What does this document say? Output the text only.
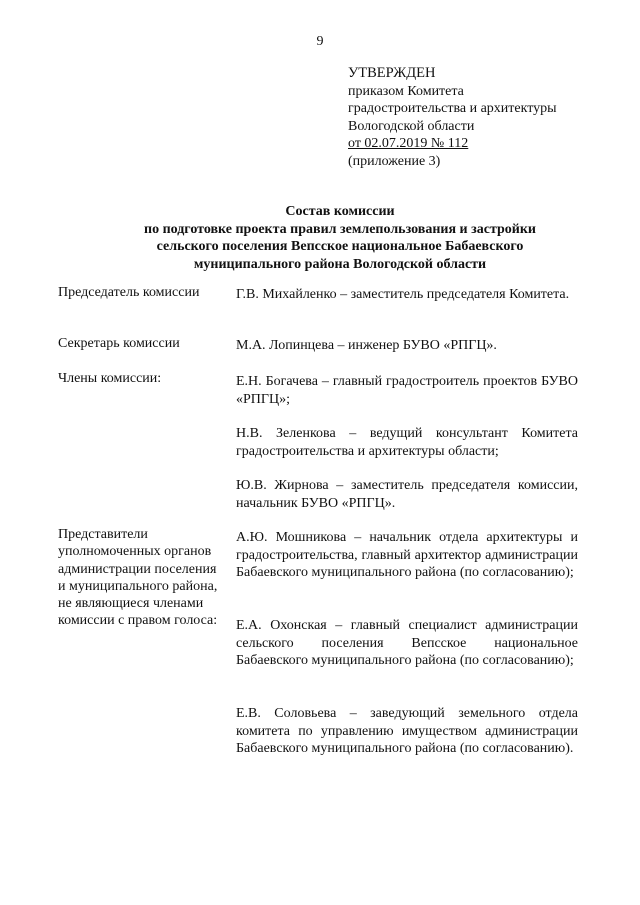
9
УТВЕРЖДЕН
приказом Комитета
градостроительства и архитектуры
Вологодской области
от 02.07.2019 № 112
(приложение 3)
Состав комиссии
по подготовке проекта правил землепользования и застройки
сельского поселения Вепсское национальное Бабаевского
муниципального района Вологодской области
Председатель комиссии	Г.В. Михайленко – заместитель председателя Комитета.
Секретарь комиссии	М.А. Лопинцева – инженер БУВО «РПГЦ».
Члены комиссии:	Е.Н. Богачева – главный градостроитель проектов БУВО «РПГЦ»;
Н.В. Зеленкова – ведущий консультант Комитета градостроительства и архитектуры области;
Ю.В. Жирнова – заместитель председателя комиссии, начальник БУВО «РПГЦ».
Представители уполномоченных органов администрации поселения и муниципального района, не являющиеся членами комиссии с правом голоса:
А.Ю. Мошникова – начальник отдела архитектуры и градостроительства, главный архитектор администрации Бабаевского муниципального района (по согласованию);
Е.А. Охонская – главный специалист администрации сельского поселения Вепсское национальное Бабаевского муниципального района (по согласованию);
Е.В. Соловьева – заведующий земельного отдела комитета по управлению имуществом администрации Бабаевского муниципального района (по согласованию).
